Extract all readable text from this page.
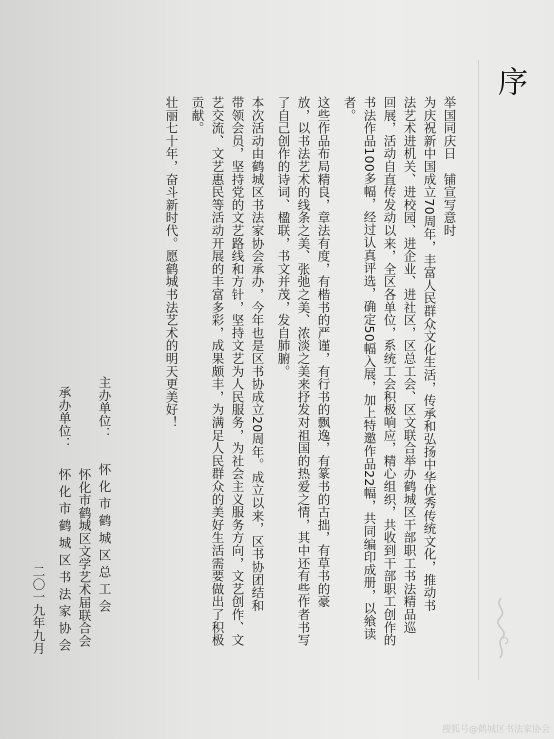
序
举国同庆日　铺宣写意时
为庆祝新中国成立70周年，丰富人民群众文化生活，传承和弘扬中华优秀传统文化，推动书
法艺术进机关、进校园、进企业、进社区，区总工会、区文联合举办鹤城区干部职工书法精品巡
回展，活动自直传发动以来，全区各单位，系统工会积极响应，精心组织，共收到干部职工创作的
书法作品100多幅，经过认真评选，确定50幅入展，加上特邀作品22幅，共同编印成册，以飨读
者。
这些作品布局精良，章法有度，有楷书的严谨，有行书的飘逸，有篆书的古拙，有草书的豪
放，以书法艺术的线条之美、张弛之美、浓淡之美来抒发对祖国的热爱之情，其中还有些作者书写
了自己创作的诗词、楹联，书文并茂，发自肺腑。
本次活动由鹤城区书法家协会承办，今年也是区书协成立20周年。成立以来，区书协团结和
带领会员，坚持党的文艺路线和方针，坚持文艺为人民服务，为社会主义服务方向，文艺创作、文
艺交流、文艺惠民等活动开展的丰富多彩，成果颇丰，为满足人民群众的美好生活需要做出了积极
贡献。
壮丽七十年，奋斗新时代。愿鹤城书法艺术的明天更美好！
主办单位：
怀 化 市 鹤 城 区 总 工 会
怀化市鹤城区文学艺术届联合会
承办单位：
怀 化 市 鹤 城 区 书 法 家 协 会
二〇一九年九月
搜狐号@鹤城区书法家协会
